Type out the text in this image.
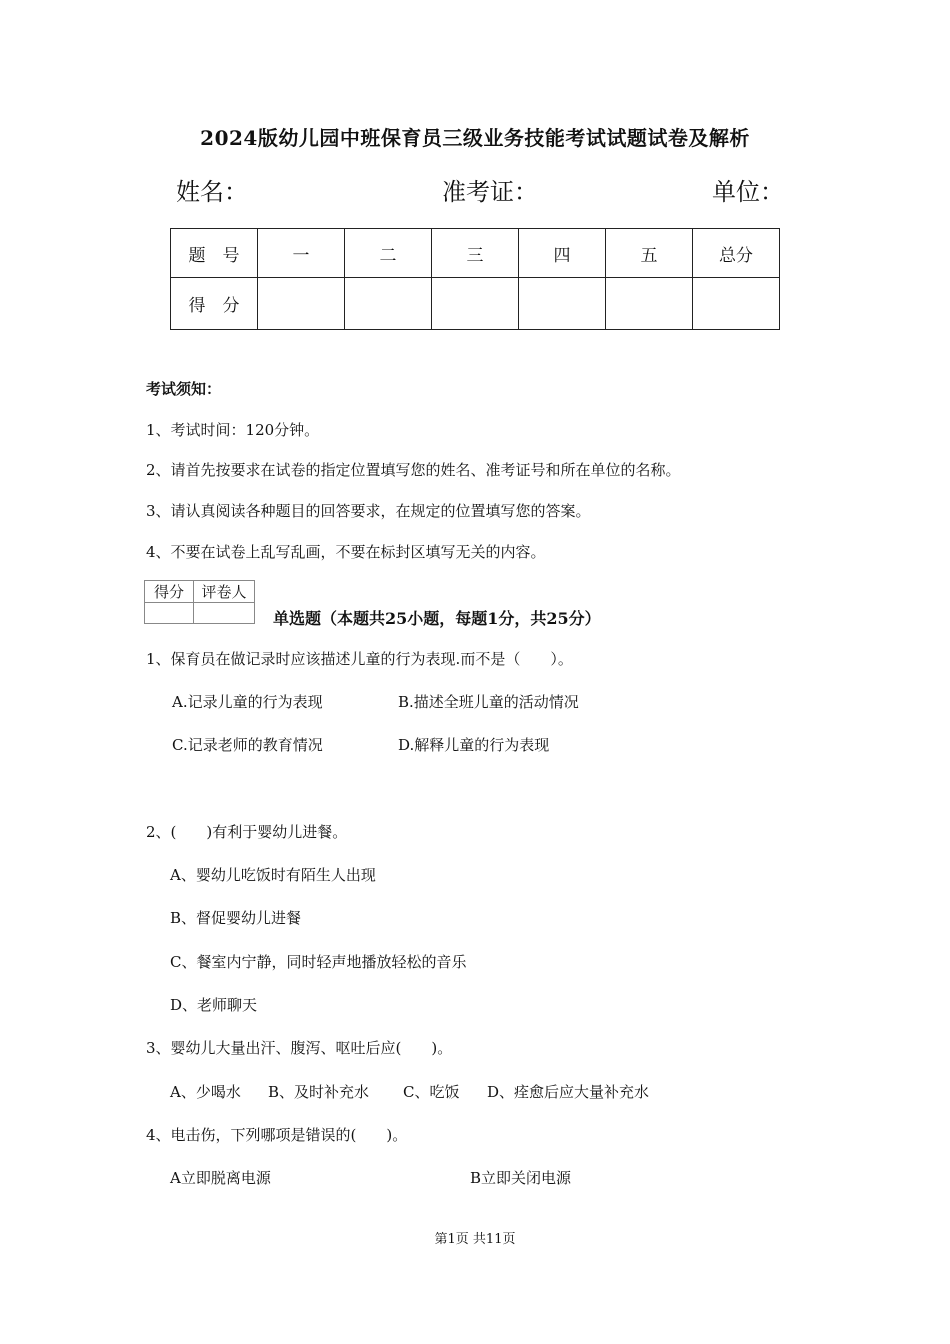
2024版幼儿园中班保育员三级业务技能考试试题试卷及解析
姓名：	准考证：	单位：
题　号	一	二	三	四	五	总分
得　分						
考试须知：
1、考试时间：120分钟。
2、请首先按要求在试卷的指定位置填写您的姓名、准考证号和所在单位的名称。
3、请认真阅读各种题目的回答要求，在规定的位置填写您的答案。
4、不要在试卷上乱写乱画，不要在标封区填写无关的内容。
得分	评卷人

单选题（本题共25小题，每题1分，共25分）
1、保育员在做记录时应该描述儿童的行为表现.而不是（　　）。
A.记录儿童的行为表现	B.描述全班儿童的活动情况
C.记录老师的教育情况	D.解释儿童的行为表现
2、(　　)有利于婴幼儿进餐。
A、婴幼儿吃饭时有陌生人出现
B、督促婴幼儿进餐
C、餐室内宁静，同时轻声地播放轻松的音乐
D、老师聊天
3、婴幼儿大量出汗、腹泻、呕吐后应(　　)。
A、少喝水 B、及时补充水 C、吃饭 D、痊愈后应大量补充水
4、电击伤，下列哪项是错误的(　　)。
A立即脱离电源	B立即关闭电源
第1页 共11页
